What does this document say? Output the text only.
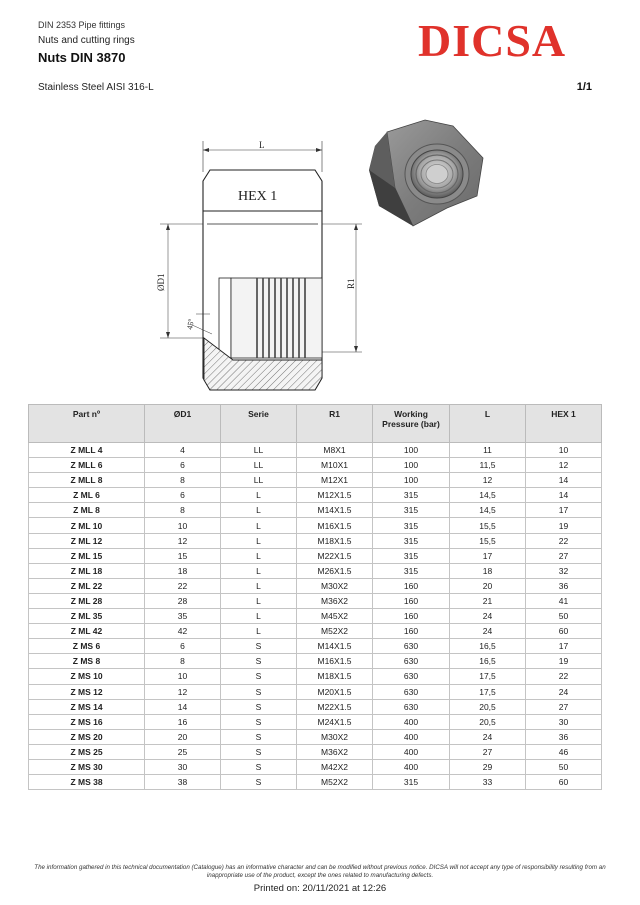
DIN 2353 Pipe fittings
Nuts and cutting rings
Nuts DIN 3870	DICSA
Stainless Steel AISI 316-L	1/1
L
HEX 1
ØD1	R1
45º
Part nº	ØD1	Serie	R1	Working Pressure (bar)	L	HEX 1
Z MLL 4	4	LL	M8X1	100	11	10
Z MLL 6	6	LL	M10X1	100	11,5	12
Z MLL 8	8	LL	M12X1	100	12	14
Z ML 6	6	L	M12X1.5	315	14,5	14
Z ML 8	8	L	M14X1.5	315	14,5	17
Z ML 10	10	L	M16X1.5	315	15,5	19
Z ML 12	12	L	M18X1.5	315	15,5	22
Z ML 15	15	L	M22X1.5	315	17	27
Z ML 18	18	L	M26X1.5	315	18	32
Z ML 22	22	L	M30X2	160	20	36
Z ML 28	28	L	M36X2	160	21	41
Z ML 35	35	L	M45X2	160	24	50
Z ML 42	42	L	M52X2	160	24	60
Z MS 6	6	S	M14X1.5	630	16,5	17
Z MS 8	8	S	M16X1.5	630	16,5	19
Z MS 10	10	S	M18X1.5	630	17,5	22
Z MS 12	12	S	M20X1.5	630	17,5	24
Z MS 14	14	S	M22X1.5	630	20,5	27
Z MS 16	16	S	M24X1.5	400	20,5	30
Z MS 20	20	S	M30X2	400	24	36
Z MS 25	25	S	M36X2	400	27	46
Z MS 30	30	S	M42X2	400	29	50
Z MS 38	38	S	M52X2	315	33	60
The information gathered in this technical documentation (Catalogue) has an informative character and can be modified without previous notice. DICSA will not accept any type of responsibility resulting from an inappropriate use of the product, except the ones related to manufacturing defects.
Printed on: 20/11/2021 at 12:26
